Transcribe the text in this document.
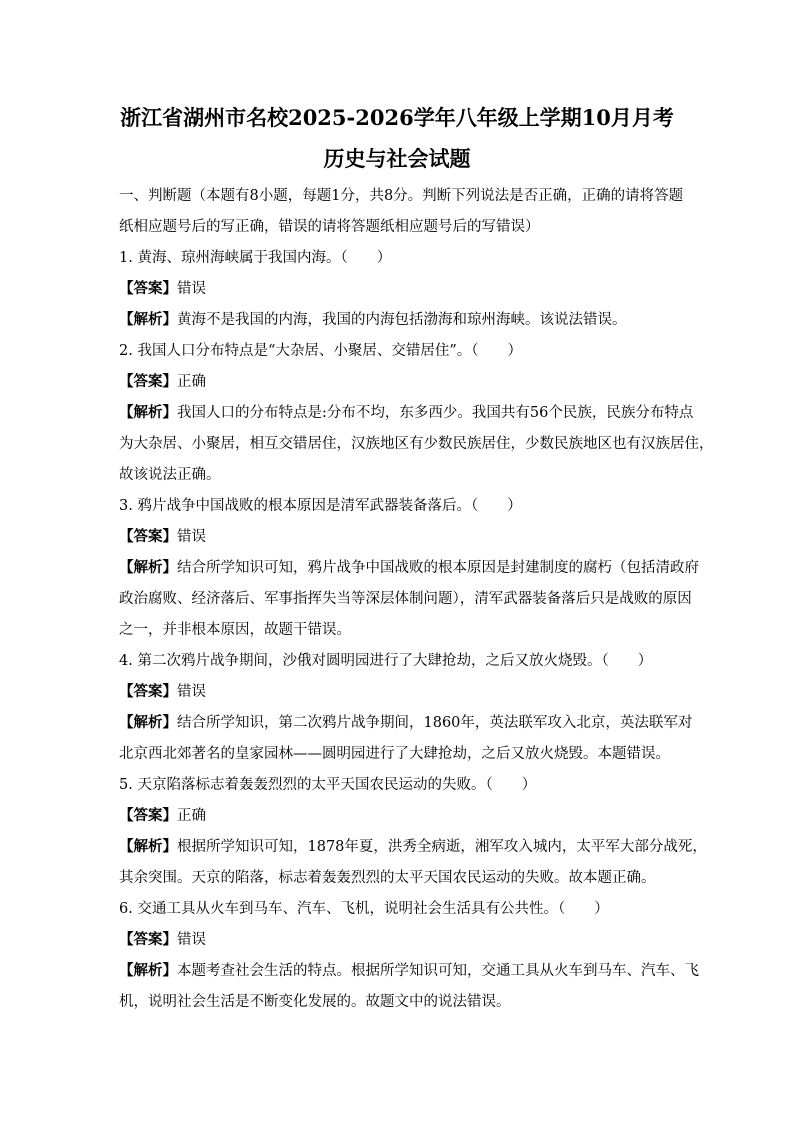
浙江省湖州市名校2025-2026学年八年级上学期10月月考
历史与社会试题
一、判断题（本题有8小题，每题1分，共8分。判断下列说法是否正确，正确的请将答题
纸相应题号后的写正确，错误的请将答题纸相应题号后的写错误）
1. 黄海、琼州海峡属于我国内海。（　　）
【答案】错误
【解析】黄海不是我国的内海，我国的内海包括渤海和琼州海峡。该说法错误。
2. 我国人口分布特点是“大杂居、小聚居、交错居住”。（　　）
【答案】正确
【解析】我国人口的分布特点是:分布不均，东多西少。我国共有56个民族，民族分布特点
为大杂居、小聚居，相互交错居住，汉族地区有少数民族居住，少数民族地区也有汉族居住，
故该说法正确。
3. 鸦片战争中国战败的根本原因是清军武器装备落后。（　　）
【答案】错误
【解析】结合所学知识可知，鸦片战争中国战败的根本原因是封建制度的腐朽（包括清政府
政治腐败、经济落后、军事指挥失当等深层体制问题），清军武器装备落后只是战败的原因
之一，并非根本原因，故题干错误。
4. 第二次鸦片战争期间，沙俄对圆明园进行了大肆抢劫，之后又放火烧毁。（　　）
【答案】错误
【解析】结合所学知识，第二次鸦片战争期间，1860年，英法联军攻入北京，英法联军对
北京西北郊著名的皇家园林——圆明园进行了大肆抢劫，之后又放火烧毁。本题错误。
5. 天京陷落标志着轰轰烈烈的太平天国农民运动的失败。（　　）
【答案】正确
【解析】根据所学知识可知，1878年夏，洪秀全病逝，湘军攻入城内，太平军大部分战死，
其余突围。天京的陷落，标志着轰轰烈烈的太平天国农民运动的失败。故本题正确。
6. 交通工具从火车到马车、汽车、飞机，说明社会生活具有公共性。（　　）
【答案】错误
【解析】本题考查社会生活的特点。根据所学知识可知，交通工具从火车到马车、汽车、飞
机，说明社会生活是不断变化发展的。故题文中的说法错误。
